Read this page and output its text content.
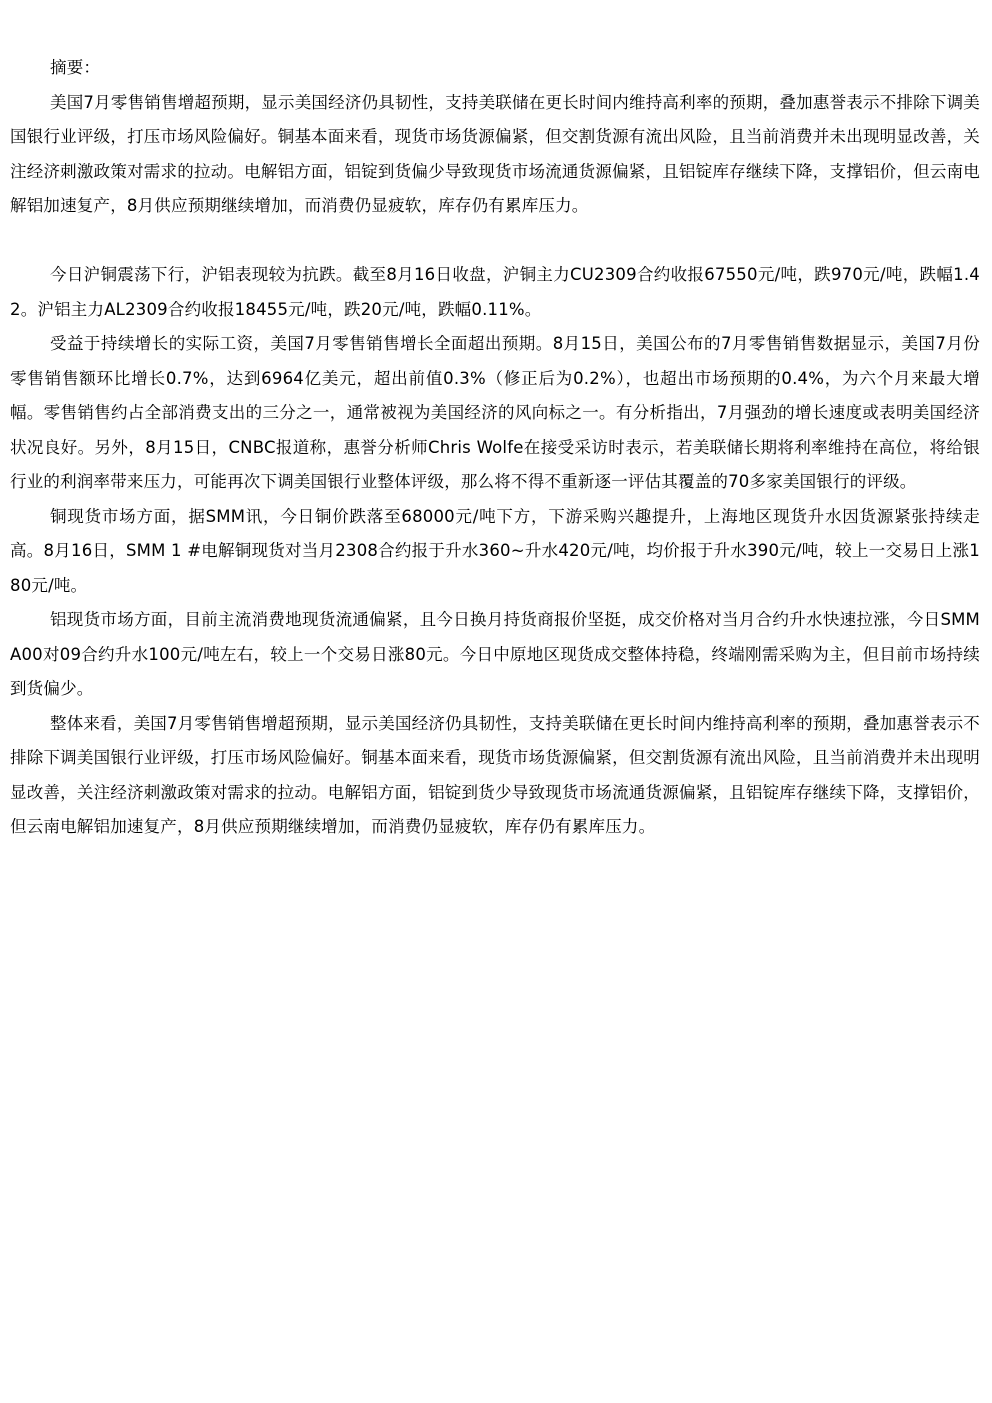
摘要：

美国7月零售销售增超预期，显示美国经济仍具韧性，支持美联储在更长时间内维持高利率的预期，叠加惠誉表示不排除下调美国银行业评级，打压市场风险偏好。铜基本面来看，现货市场货源偏紧，但交割货源有流出风险，且当前消费并未出现明显改善，关注经济刺激政策对需求的拉动。电解铝方面，铝锭到货偏少导致现货市场流通货源偏紧，且铝锭库存继续下降，支撑铝价，但云南电解铝加速复产，8月供应预期继续增加，而消费仍显疲软，库存仍有累库压力。

今日沪铜震荡下行，沪铝表现较为抗跌。截至8月16日收盘，沪铜主力CU2309合约收报67550元/吨，跌970元/吨，跌幅1.42。沪铝主力AL2309合约收报18455元/吨，跌20元/吨，跌幅0.11%。

受益于持续增长的实际工资，美国7月零售销售增长全面超出预期。8月15日，美国公布的7月零售销售数据显示，美国7月份零售销售额环比增长0.7%，达到6964亿美元，超出前值0.3%（修正后为0.2%），也超出市场预期的0.4%，为六个月来最大增幅。零售销售约占全部消费支出的三分之一，通常被视为美国经济的风向标之一。有分析指出，7月强劲的增长速度或表明美国经济状况良好。另外，8月15日，CNBC报道称，惠誉分析师Chris Wolfe在接受采访时表示，若美联储长期将利率维持在高位，将给银行业的利润率带来压力，可能再次下调美国银行业整体评级，那么将不得不重新逐一评估其覆盖的70多家美国银行的评级。

铜现货市场方面，据SMM讯，今日铜价跌落至68000元/吨下方，下游采购兴趣提升，上海地区现货升水因货源紧张持续走高。8月16日，SMM 1 #电解铜现货对当月2308合约报于升水360~升水420元/吨，均价报于升水390元/吨，较上一交易日上涨180元/吨。

铝现货市场方面，目前主流消费地现货流通偏紧，且今日换月持货商报价坚挺，成交价格对当月合约升水快速拉涨，今日SMM A00对09合约升水100元/吨左右，较上一个交易日涨80元。今日中原地区现货成交整体持稳，终端刚需采购为主，但目前市场持续到货偏少。

整体来看，美国7月零售销售增超预期，显示美国经济仍具韧性，支持美联储在更长时间内维持高利率的预期，叠加惠誉表示不排除下调美国银行业评级，打压市场风险偏好。铜基本面来看，现货市场货源偏紧，但交割货源有流出风险，且当前消费并未出现明显改善，关注经济刺激政策对需求的拉动。电解铝方面，铝锭到货少导致现货市场流通货源偏紧，且铝锭库存继续下降，支撑铝价，但云南电解铝加速复产，8月供应预期继续增加，而消费仍显疲软，库存仍有累库压力。
